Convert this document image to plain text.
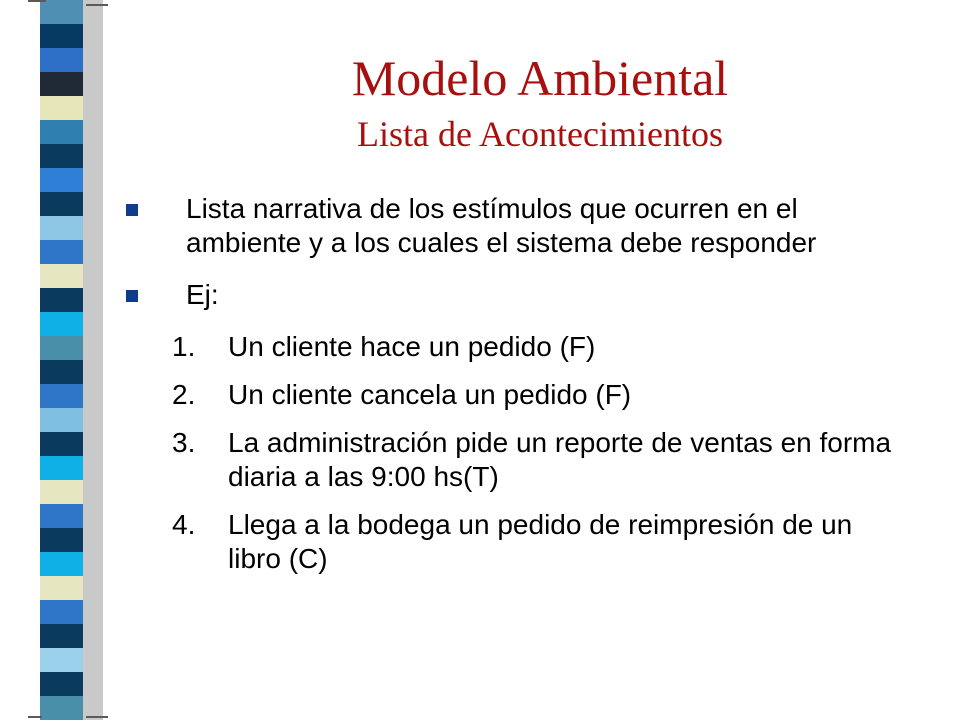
Modelo Ambiental
Lista de Acontecimientos
Lista narrativa de los estímulos que ocurren en el ambiente y a los cuales el sistema debe responder
Ej:
1. Un cliente hace un pedido (F)
2. Un cliente cancela un pedido (F)
3. La administración pide un reporte de ventas en forma diaria a las 9:00 hs(T)
4. Llega a la bodega un pedido de reimpresión de un libro (C)
